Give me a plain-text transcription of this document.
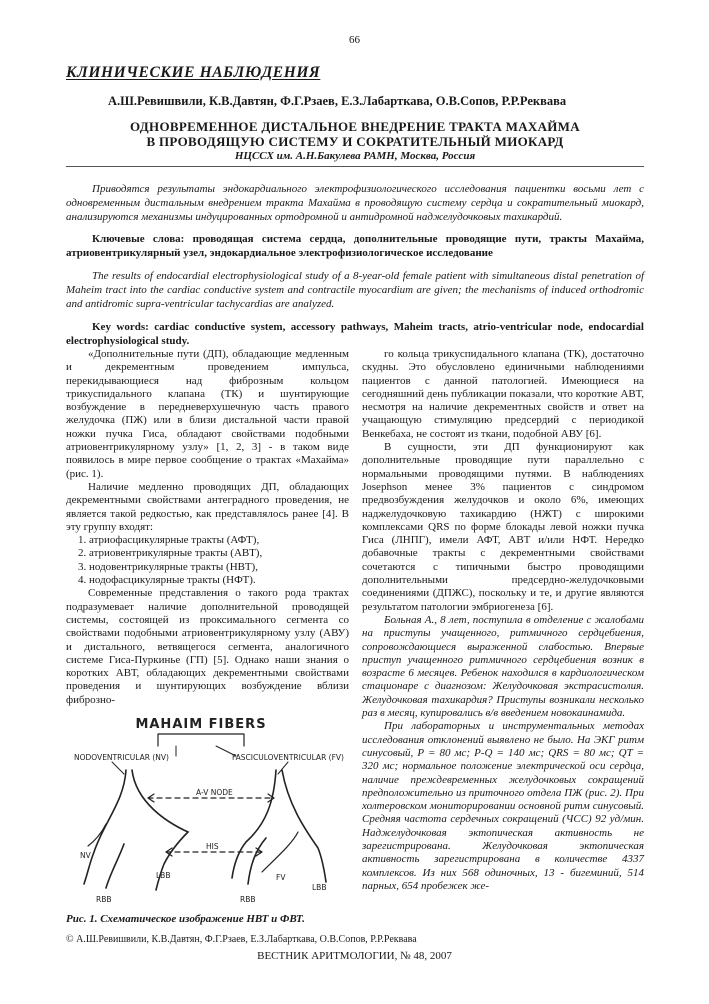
66
КЛИНИЧЕСКИЕ НАБЛЮДЕНИЯ
А.Ш.Ревишвили, К.В.Давтян, Ф.Г.Рзаев, Е.З.Лабарткава, О.В.Сопов, Р.Р.Реквава
ОДНОВРЕМЕННОЕ ДИСТАЛЬНОЕ ВНЕДРЕНИЕ ТРАКТА МАХАЙМА
В ПРОВОДЯЩУЮ СИСТЕМУ И СОКРАТИТЕЛЬНЫЙ МИОКАРД
НЦССХ им. А.Н.Бакулева РАМН, Москва, Россия

Приводятся результаты эндокардиального электрофизиологического исследования пациентки восьми лет с одновременным дистальным внедрением тракта Махайма в проводящую систему сердца и сократительный миокард, анализируются механизмы индуцированных ортодромной и антидромной наджелудочковых тахикардий.

Ключевые слова: проводящая система сердца, дополнительные проводящие пути, тракты Махайма, атриовентрикулярный узел, эндокардиальное электрофизиологическое исследование

The results of endocardial electrophysiological study of a 8-year-old female patient with simultaneous distal penetration of Maheim tract into the cardiac conductive system and contractile myocardium are given; the mechanisms of induced orthodromic and antidromic supra-ventricular tachycardias are analyzed.

Key words: cardiac conductive system, accessory pathways, Maheim tracts, atrio-ventricular node, endocardial electrophysiological study.

«Дополнительные пути (ДП), обладающие медленным и декрементным проведением импульса, перекидывающиеся над фиброзным кольцом трикуспидального клапана (ТК) и шунтирующие возбуждение в передневерхушечную часть правого желудочка (ПЖ) или в близи дистальной части правой ножки пучка Гиса, обладают свойствами подобными атриовентрикулярному узлу» [1, 2, 3] - в таком виде появилось в мире первое сообщение о трактах «Махайма» (рис. 1).

Наличие медленно проводящих ДП, обладающих декрементными свойствами антеградного проведения, не является такой редкостью, как представлялось ранее [4]. В эту группу входят:

1. атриофасцикулярные тракты (АФТ),
2. атриовентрикулярные тракты (АВТ),
3. нодовентрикулярные тракты (НВТ),
4. нодофасцикулярные тракты (НФТ).

Современные представления о такого рода трактах подразумевает наличие дополнительной проводящей системы, состоящей из проксимального сегмента со свойствами подобными атриовентрикулярному узлу (АВУ) и дистального, ветвящегося сегмента, аналогичного системе Гиса-Пуркинье (ГП) [5]. Однако наши знания о коротких АВТ, обладающих декрементными свойствами проведения и шунтирующих возбуждение вблизи фиброзно-

MAHAIM FIBERS
NODOVENTRICULAR (NV)	FASCICULOVENTRICULAR (FV)
A-V NODE
HIS
NV
FV
LBB
RBB
LBB
RBB
Рис. 1. Схематическое изображение НВТ и ФВТ.

го кольца трикуспидального клапана (ТК), достаточно скудны. Это обусловлено единичными наблюдениями пациентов с данной патологией. Имеющиеся на сегодняшний день публикации показали, что короткие АВТ, несмотря на наличие декрементных свойств и ответ на учащающую стимуляцию предсердий с периодикой Венкебаха, не состоят из ткани, подобной АВУ [6].

В сущности, эти ДП функционируют как дополнительные проводящие пути параллельно с нормальными проводящими путями. В наблюдениях Josephson менее 3% пациентов с синдромом предвозбуждения желудочков и около 6%, имеющих наджелудочковую тахикардию (НЖТ) с широкими комплексами QRS по форме блокады левой ножки пучка Гиса (ЛНПГ), имели АФТ, АВТ и/или НФТ. Нередко добавочные тракты с декрементными свойствами сочетаются с типичными быстро проводящими дополнительными предсердно-желудочковыми соединениями (ДПЖС), поскольку и те, и другие являются результатом патологии эмбриогенеза [6].

Больная А., 8 лет, поступила в отделение с жалобами на приступы учащенного, ритмичного сердцебиения, сопровождающиеся выраженной слабостью. Впервые приступ учащенного ритмичного сердцебиения возник в возрасте 6 месяцев. Ребенок находился в кардиологическом стационаре с диагнозом: Желудочковая экстрасистолия. Желудочковая тахикардия? Приступы возникали несколько раз в месяц, купировались в/в введением новокаинамида.

При лабораторных и инструментальных методах исследования отклонений выявлено не было. На ЭКГ ритм синусовый, P = 80 мс; P-Q = 140 мс; QRS = 80 мс; QT = 320 мс; нормальное положение электрической оси сердца, наличие преждевременных желудочковых сокращений предположительно из приточного отдела ПЖ (рис. 2). При холтеровском мониторировании основной ритм синусовый. Средняя частота сердечных сокращений (ЧСС) 92 уд/мин. Наджелудочковая эктопическая активность не зарегистрирована. Желудочковая эктопическая активность зарегистрирована в количестве 4337 комплексов. Из них 568 одиночных, 13 - бигеминий, 514 парных, 654 пробежек же-

© А.Ш.Ревишвили, К.В.Давтян, Ф.Г.Рзаев, Е.З.Лабарткава, О.В.Сопов, Р.Р.Реквава
ВЕСТНИК АРИТМОЛОГИИ, № 48, 2007
